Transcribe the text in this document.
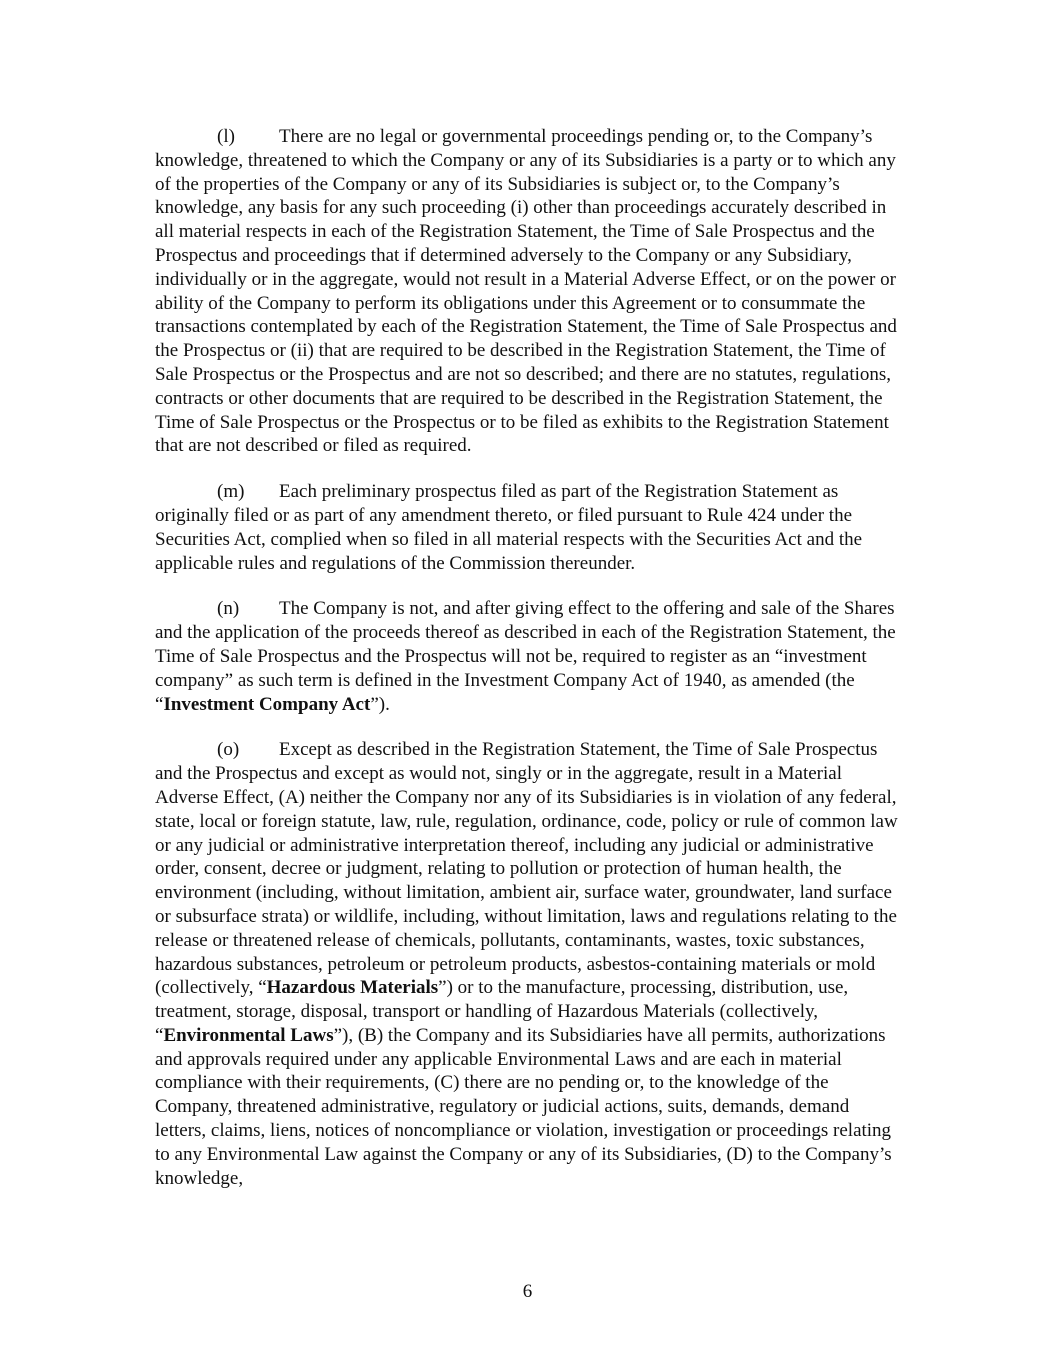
(l) There are no legal or governmental proceedings pending or, to the Company’s knowledge, threatened to which the Company or any of its Subsidiaries is a party or to which any of the properties of the Company or any of its Subsidiaries is subject or, to the Company’s knowledge, any basis for any such proceeding (i) other than proceedings accurately described in all material respects in each of the Registration Statement, the Time of Sale Prospectus and the Prospectus and proceedings that if determined adversely to the Company or any Subsidiary, individually or in the aggregate, would not result in a Material Adverse Effect, or on the power or ability of the Company to perform its obligations under this Agreement or to consummate the transactions contemplated by each of the Registration Statement, the Time of Sale Prospectus and the Prospectus or (ii) that are required to be described in the Registration Statement, the Time of Sale Prospectus or the Prospectus and are not so described; and there are no statutes, regulations, contracts or other documents that are required to be described in the Registration Statement, the Time of Sale Prospectus or the Prospectus or to be filed as exhibits to the Registration Statement that are not described or filed as required.

(m) Each preliminary prospectus filed as part of the Registration Statement as originally filed or as part of any amendment thereto, or filed pursuant to Rule 424 under the Securities Act, complied when so filed in all material respects with the Securities Act and the applicable rules and regulations of the Commission thereunder.

(n) The Company is not, and after giving effect to the offering and sale of the Shares and the application of the proceeds thereof as described in each of the Registration Statement, the Time of Sale Prospectus and the Prospectus will not be, required to register as an “investment company” as such term is defined in the Investment Company Act of 1940, as amended (the “Investment Company Act”).

(o) Except as described in the Registration Statement, the Time of Sale Prospectus and the Prospectus and except as would not, singly or in the aggregate, result in a Material Adverse Effect, (A) neither the Company nor any of its Subsidiaries is in violation of any federal, state, local or foreign statute, law, rule, regulation, ordinance, code, policy or rule of common law or any judicial or administrative interpretation thereof, including any judicial or administrative order, consent, decree or judgment, relating to pollution or protection of human health, the environment (including, without limitation, ambient air, surface water, groundwater, land surface or subsurface strata) or wildlife, including, without limitation, laws and regulations relating to the release or threatened release of chemicals, pollutants, contaminants, wastes, toxic substances, hazardous substances, petroleum or petroleum products, asbestos-containing materials or mold (collectively, “Hazardous Materials”) or to the manufacture, processing, distribution, use, treatment, storage, disposal, transport or handling of Hazardous Materials (collectively, “Environmental Laws”), (B) the Company and its Subsidiaries have all permits, authorizations and approvals required under any applicable Environmental Laws and are each in material compliance with their requirements, (C) there are no pending or, to the knowledge of the Company, threatened administrative, regulatory or judicial actions, suits, demands, demand letters, claims, liens, notices of noncompliance or violation, investigation or proceedings relating to any Environmental Law against the Company or any of its Subsidiaries, (D) to the Company’s knowledge,

6
